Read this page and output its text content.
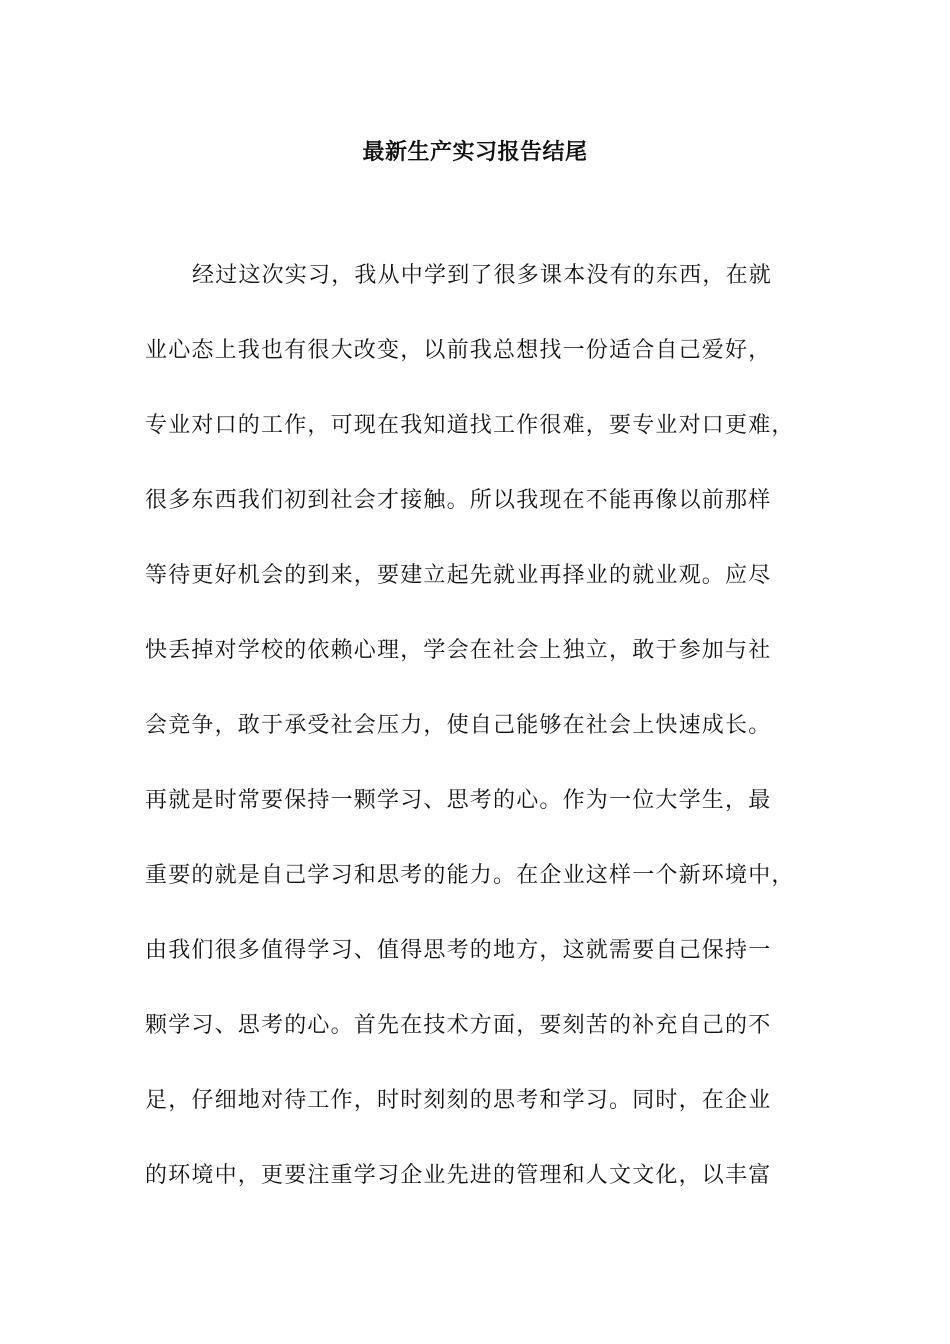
最新生产实习报告结尾
经过这次实习，我从中学到了很多课本没有的东西，在就
业心态上我也有很大改变，以前我总想找一份适合自己爱好，
专业对口的工作，可现在我知道找工作很难，要专业对口更难，
很多东西我们初到社会才接触。所以我现在不能再像以前那样
等待更好机会的到来，要建立起先就业再择业的就业观。应尽
快丢掉对学校的依赖心理，学会在社会上独立，敢于参加与社
会竞争，敢于承受社会压力，使自己能够在社会上快速成长。
再就是时常要保持一颗学习、思考的心。作为一位大学生，最
重要的就是自己学习和思考的能力。在企业这样一个新环境中，
由我们很多值得学习、值得思考的地方，这就需要自己保持一
颗学习、思考的心。首先在技术方面，要刻苦的补充自己的不
足，仔细地对待工作，时时刻刻的思考和学习。同时，在企业
的环境中，更要注重学习企业先进的管理和人文文化，以丰富
